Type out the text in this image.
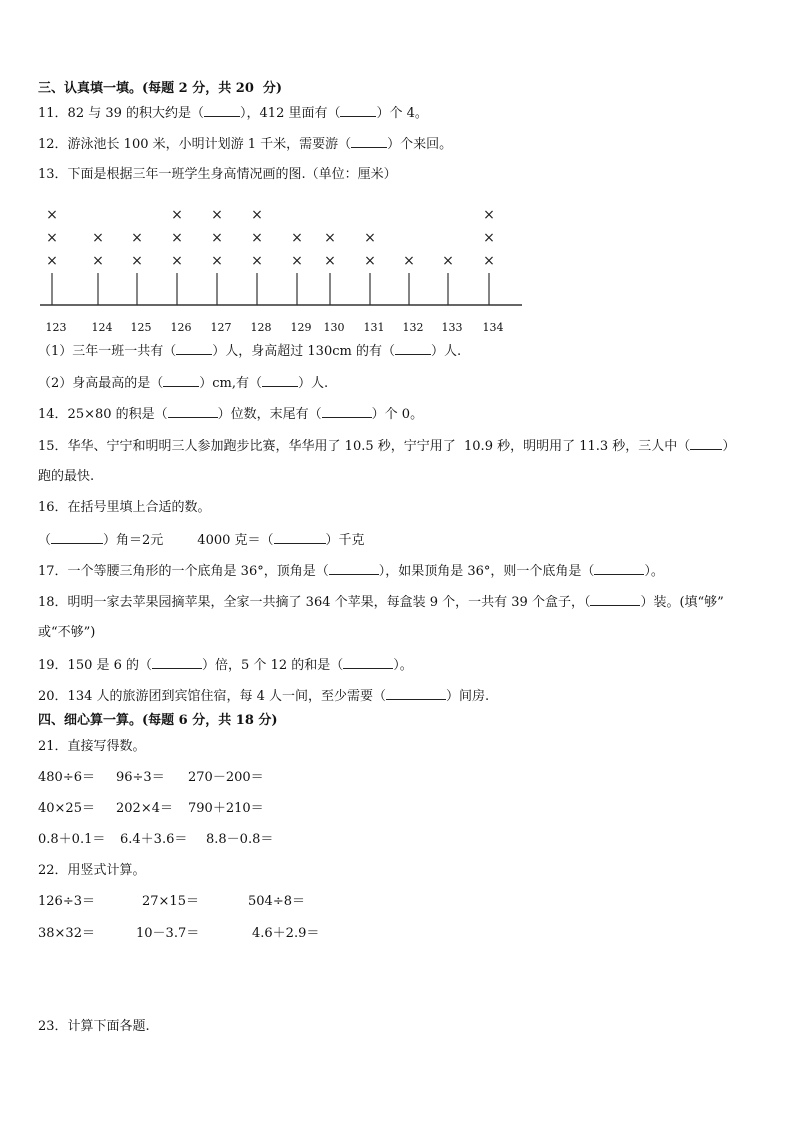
三、认真填一填。(每题 2 分，共 20  分)
11．82 与 39 的积大约是（	），412 里面有（	）个 4。
12．游泳池长 100 米，小明计划游 1 千米，需要游（	）个来回。
13．下面是根据三年一班学生身高情况画的图.（单位：厘米）
×
×
×
×
×
×
×
×
×
×
×
×
×
×
×
×
×
×
×
×
×
×
× × ×
×
×
123 124 125 126 127 128 129 130 131 132 133 134
（1）三年一班一共有（	）人，身高超过 130cm 的有（	）人.
（2）身高最高的是（	）cm,有（	）人.
14．25×80 的积是（	）位数，末尾有（	）个 0。
15．华华、宁宁和明明三人参加跑步比赛，华华用了 10.5 秒，宁宁用了  10.9 秒，明明用了 11.3 秒，三人中（ ）
跑的最快.
16．在括号里填上合适的数。
（	）角＝2元	4000 克＝（	）千克
17．一个等腰三角形的一个底角是 36°，顶角是（	），如果顶角是 36°，则一个底角是（	）。
18．明明一家去苹果园摘苹果，全家一共摘了 364 个苹果，每盒装 9 个，一共有 39 个盒子，（	）装。(填“够”
或“不够”)
19．150 是 6 的（	）倍，5 个 12 的和是（	）。
20．134 人的旅游团到宾馆住宿，每 4 人一间，至少需要（	）间房.
四、细心算一算。(每题 6 分，共 18 分)
21．直接写得数。
480÷6＝ 96÷3＝ 270－200＝
40×25＝ 202×4＝ 790＋210＝
0.8＋0.1＝ 6.4＋3.6＝ 8.8－0.8＝
22．用竖式计算。
126÷3＝	27×15＝	504÷8＝
38×32＝	10－3.7＝	4.6＋2.9＝
23．计算下面各题.
